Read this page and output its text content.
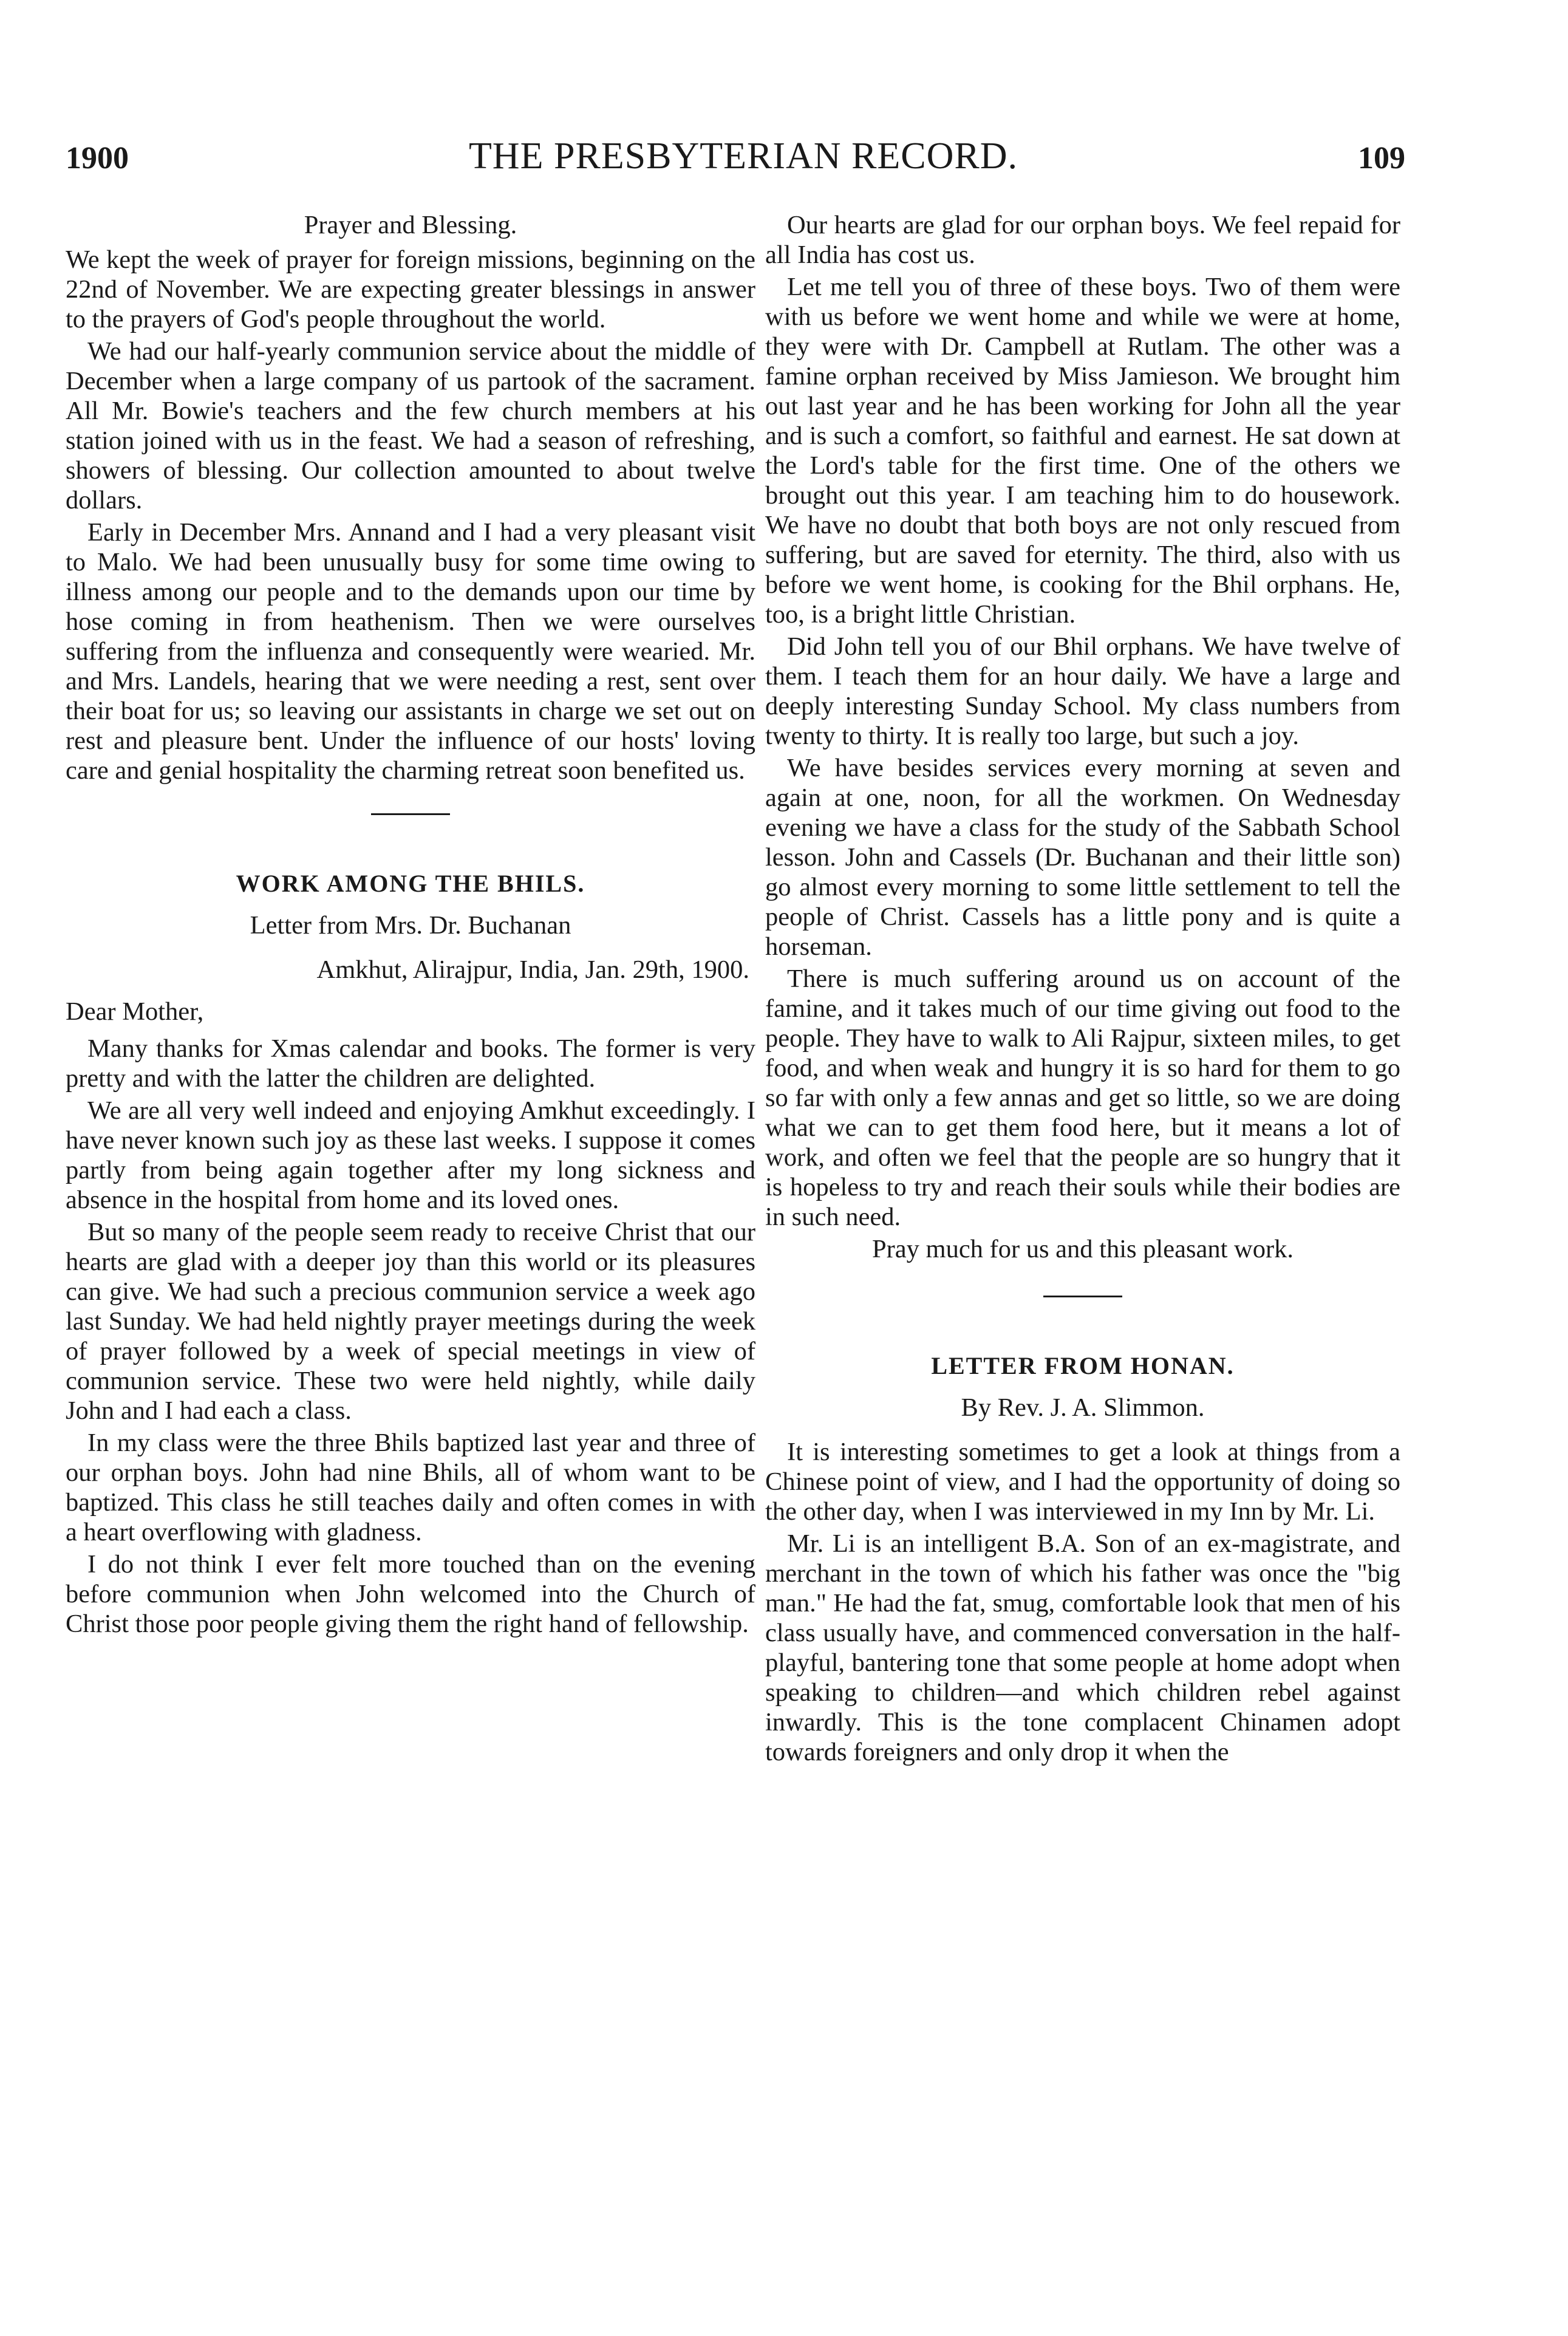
1900	THE PRESBYTERIAN RECORD.	109
Prayer and Blessing.

We kept the week of prayer for foreign missions, beginning on the 22nd of November. We are expecting greater blessings in answer to the prayers of God's people throughout the world.

We had our half-yearly communion service about the middle of December when a large company of us partook of the sacrament. All Mr. Bowie's teachers and the few church members at his station joined with us in the feast. We had a season of refreshing, showers of blessing. Our collection amounted to about twelve dollars.

Early in December Mrs. Annand and I had a very pleasant visit to Malo. We had been unusually busy for some time owing to illness among our people and to the demands upon our time by hose coming in from heathenism. Then we were ourselves suffering from the influenza and consequently were wearied. Mr. and Mrs. Landels, hearing that we were needing a rest, sent over their boat for us; so leaving our assistants in charge we set out on rest and pleasure bent. Under the influence of our hosts' loving care and genial hospitality the charming retreat soon benefited us.

WORK AMONG THE BHILS.
Letter from Mrs. Dr. Buchanan
Amkhut, Alirajpur, India, Jan. 29th, 1900.

Dear Mother,

Many thanks for Xmas calendar and books. The former is very pretty and with the latter the children are delighted.

We are all very well indeed and enjoying Amkhut exceedingly. I have never known such joy as these last weeks. I suppose it comes partly from being again together after my long sickness and absence in the hospital from home and its loved ones.

But so many of the people seem ready to receive Christ that our hearts are glad with a deeper joy than this world or its pleasures can give. We had such a precious communion service a week ago last Sunday. We had held nightly prayer meetings during the week of prayer followed by a week of special meetings in view of communion service. These two were held nightly, while daily John and I had each a class.

In my class were the three Bhils baptized last year and three of our orphan boys. John had nine Bhils, all of whom want to be baptized. This class he still teaches daily and often comes in with a heart overflowing with gladness.

I do not think I ever felt more touched than on the evening before communion when John welcomed into the Church of Christ those poor people giving them the right hand of fellowship.

Our hearts are glad for our orphan boys. We feel repaid for all India has cost us.

Let me tell you of three of these boys. Two of them were with us before we went home and while we were at home, they were with Dr. Campbell at Rutlam. The other was a famine orphan received by Miss Jamieson. We brought him out last year and he has been working for John all the year and is such a comfort, so faithful and earnest. He sat down at the Lord's table for the first time. One of the others we brought out this year. I am teaching him to do housework. We have no doubt that both boys are not only rescued from suffering, but are saved for eternity. The third, also with us before we went home, is cooking for the Bhil orphans. He, too, is a bright little Christian.

Did John tell you of our Bhil orphans. We have twelve of them. I teach them for an hour daily. We have a large and deeply interesting Sunday School. My class numbers from twenty to thirty. It is really too large, but such a joy.

We have besides services every morning at seven and again at one, noon, for all the workmen. On Wednesday evening we have a class for the study of the Sabbath School lesson. John and Cassels (Dr. Buchanan and their little son) go almost every morning to some little settlement to tell the people of Christ. Cassels has a little pony and is quite a horseman.

There is much suffering around us on account of the famine, and it takes much of our time giving out food to the people. They have to walk to Ali Rajpur, sixteen miles, to get food, and when weak and hungry it is so hard for them to go so far with only a few annas and get so little, so we are doing what we can to get them food here, but it means a lot of work, and often we feel that the people are so hungry that it is hopeless to try and reach their souls while their bodies are in such need.

Pray much for us and this pleasant work.

LETTER FROM HONAN.
By Rev. J. A. Slimmon.

It is interesting sometimes to get a look at things from a Chinese point of view, and I had the opportunity of doing so the other day, when I was interviewed in my Inn by Mr. Li.

Mr. Li is an intelligent B.A. Son of an ex-magistrate, and merchant in the town of which his father was once the "big man." He had the fat, smug, comfortable look that men of his class usually have, and commenced conversation in the half-playful, bantering tone that some people at home adopt when speaking to children—and which children rebel against inwardly. This is the tone complacent Chinamen adopt towards foreigners and only drop it when the
